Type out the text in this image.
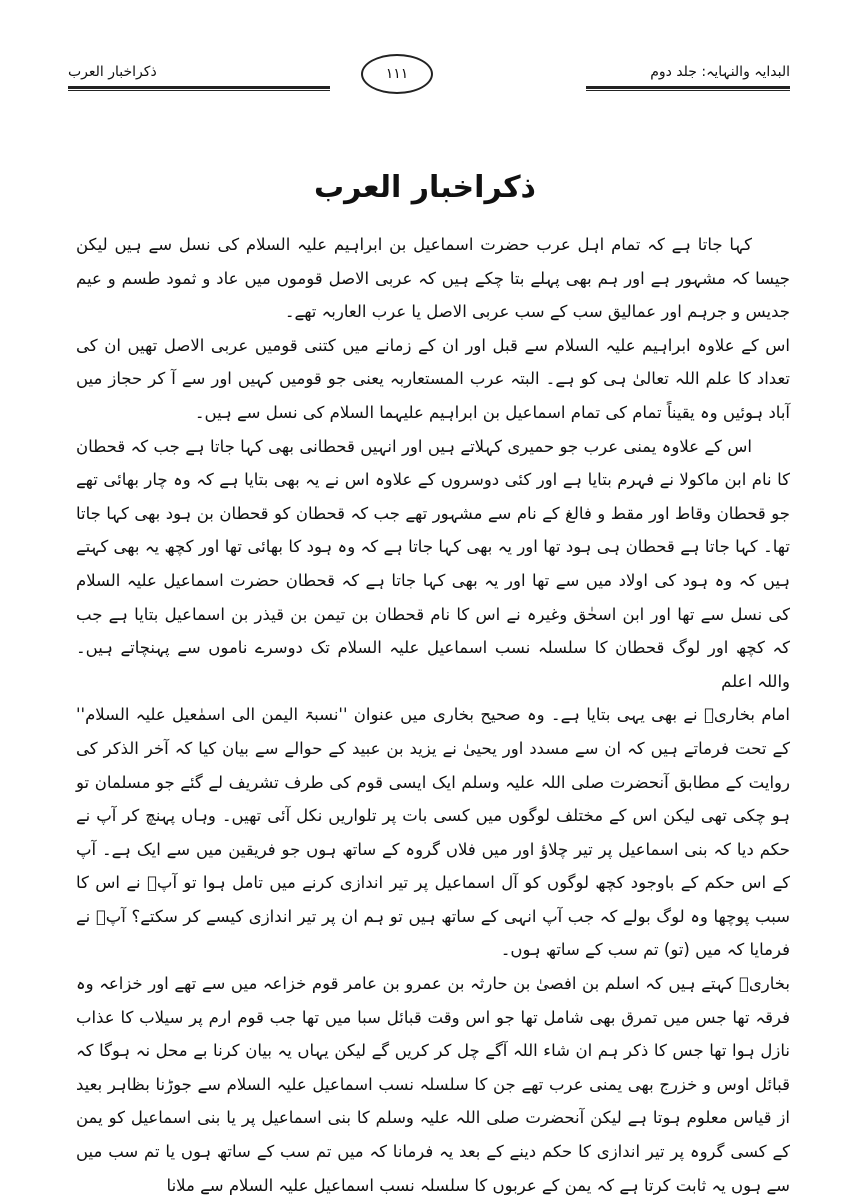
ذکراخبار العرب	١١١	البدایہ والنہایہ: جلد دوم
ذکراخبار العرب

کہا جاتا ہے کہ تمام اہل عرب حضرت اسماعیل بن ابراہیم علیہ السلام کی نسل سے ہیں لیکن جیسا کہ مشہور ہے اور ہم بھی پہلے بتا چکے ہیں کہ عربی الاصل قوموں میں عاد و ثمود طسم و عیم جدیس و جرہم اور عمالیق سب کے سب عربی الاصل یا عرب العاربہ تھے۔

اس کے علاوہ ابراہیم علیہ السلام سے قبل اور ان کے زمانے میں کتنی قومیں عربی الاصل تھیں ان کی تعداد کا علم اللہ تعالیٰ ہی کو ہے۔ البتہ عرب المستعاربہ یعنی جو قومیں کہیں اور سے آ کر حجاز میں آباد ہوئیں وہ یقیناً تمام کی تمام اسماعیل بن ابراہیم علیہما السلام کی نسل سے ہیں۔

اس کے علاوہ یمنی عرب جو حمیری کہلاتے ہیں اور انہیں قحطانی بھی کہا جاتا ہے جب کہ قحطان کا نام ابن ماکولا نے فہرم بتایا ہے اور کئی دوسروں کے علاوہ اس نے یہ بھی بتایا ہے کہ وہ چار بھائی تھے جو قحطان وقاط اور مقط و فالغ کے نام سے مشہور تھے جب کہ قحطان کو قحطان بن ہود بھی کہا جاتا تھا۔ کہا جاتا ہے قحطان ہی ہود تھا اور یہ بھی کہا جاتا ہے کہ وہ ہود کا بھائی تھا اور کچھ یہ بھی کہتے ہیں کہ وہ ہود کی اولاد میں سے تھا اور یہ بھی کہا جاتا ہے کہ قحطان حضرت اسماعیل علیہ السلام کی نسل سے تھا اور ابن اسحٰق وغیرہ نے اس کا نام قحطان بن تیمن بن قیذر بن اسماعیل بتایا ہے جب کہ کچھ اور لوگ قحطان کا سلسلہ نسب اسماعیل علیہ السلام تک دوسرے ناموں سے پہنچاتے ہیں۔ واللہ اعلم

امام بخاریؒ نے بھی یہی بتایا ہے۔ وہ صحیح بخاری میں عنوان ''نسبۃ الیمن الی اسمٰعیل علیہ السلام'' کے تحت فرماتے ہیں کہ ان سے مسدد اور یحییٰ نے یزید بن عبید کے حوالے سے بیان کیا کہ آخر الذکر کی روایت کے مطابق آنحضرت صلی اللہ علیہ وسلم ایک ایسی قوم کی طرف تشریف لے گئے جو مسلمان تو ہو چکی تھی لیکن اس کے مختلف لوگوں میں کسی بات پر تلواریں نکل آئی تھیں۔ وہاں پہنچ کر آپ نے حکم دیا کہ بنی اسماعیل پر تیر چلاؤ اور میں فلاں گروہ کے ساتھ ہوں جو فریقین میں سے ایک ہے۔ آپ کے اس حکم کے باوجود کچھ لوگوں کو آل اسماعیل پر تیر اندازی کرنے میں تامل ہوا تو آپؐ نے اس کا سبب پوچھا وہ لوگ بولے کہ جب آپ انہی کے ساتھ ہیں تو ہم ان پر تیر اندازی کیسے کر سکتے؟ آپؐ نے فرمایا کہ میں (تو) تم سب کے ساتھ ہوں۔

بخاریؒ کہتے ہیں کہ اسلم بن افصیٰ بن حارثہ بن عمرو بن عامر قوم خزاعہ میں سے تھے اور خزاعہ وہ فرقہ تھا جس میں تمرق بھی شامل تھا جو اس وقت قبائل سبا میں تھا جب قوم ارم پر سیلاب کا عذاب نازل ہوا تھا جس کا ذکر ہم ان شاء اللہ آگے چل کر کریں گے لیکن یہاں یہ بیان کرنا بے محل نہ ہوگا کہ قبائل اوس و خزرج بھی یمنی عرب تھے جن کا سلسلہ نسب اسماعیل علیہ السلام سے جوڑنا بظاہر بعید از قیاس معلوم ہوتا ہے لیکن آنحضرت صلی اللہ علیہ وسلم کا بنی اسماعیل پر یا بنی اسماعیل کو یمن کے کسی گروہ پر تیر اندازی کا حکم دینے کے بعد یہ فرمانا کہ میں تم سب کے ساتھ ہوں یا تم سب میں سے ہوں یہ ثابت کرتا ہے کہ یمن کے عربوں کا سلسلہ نسب اسماعیل علیہ السلام سے ملانا
